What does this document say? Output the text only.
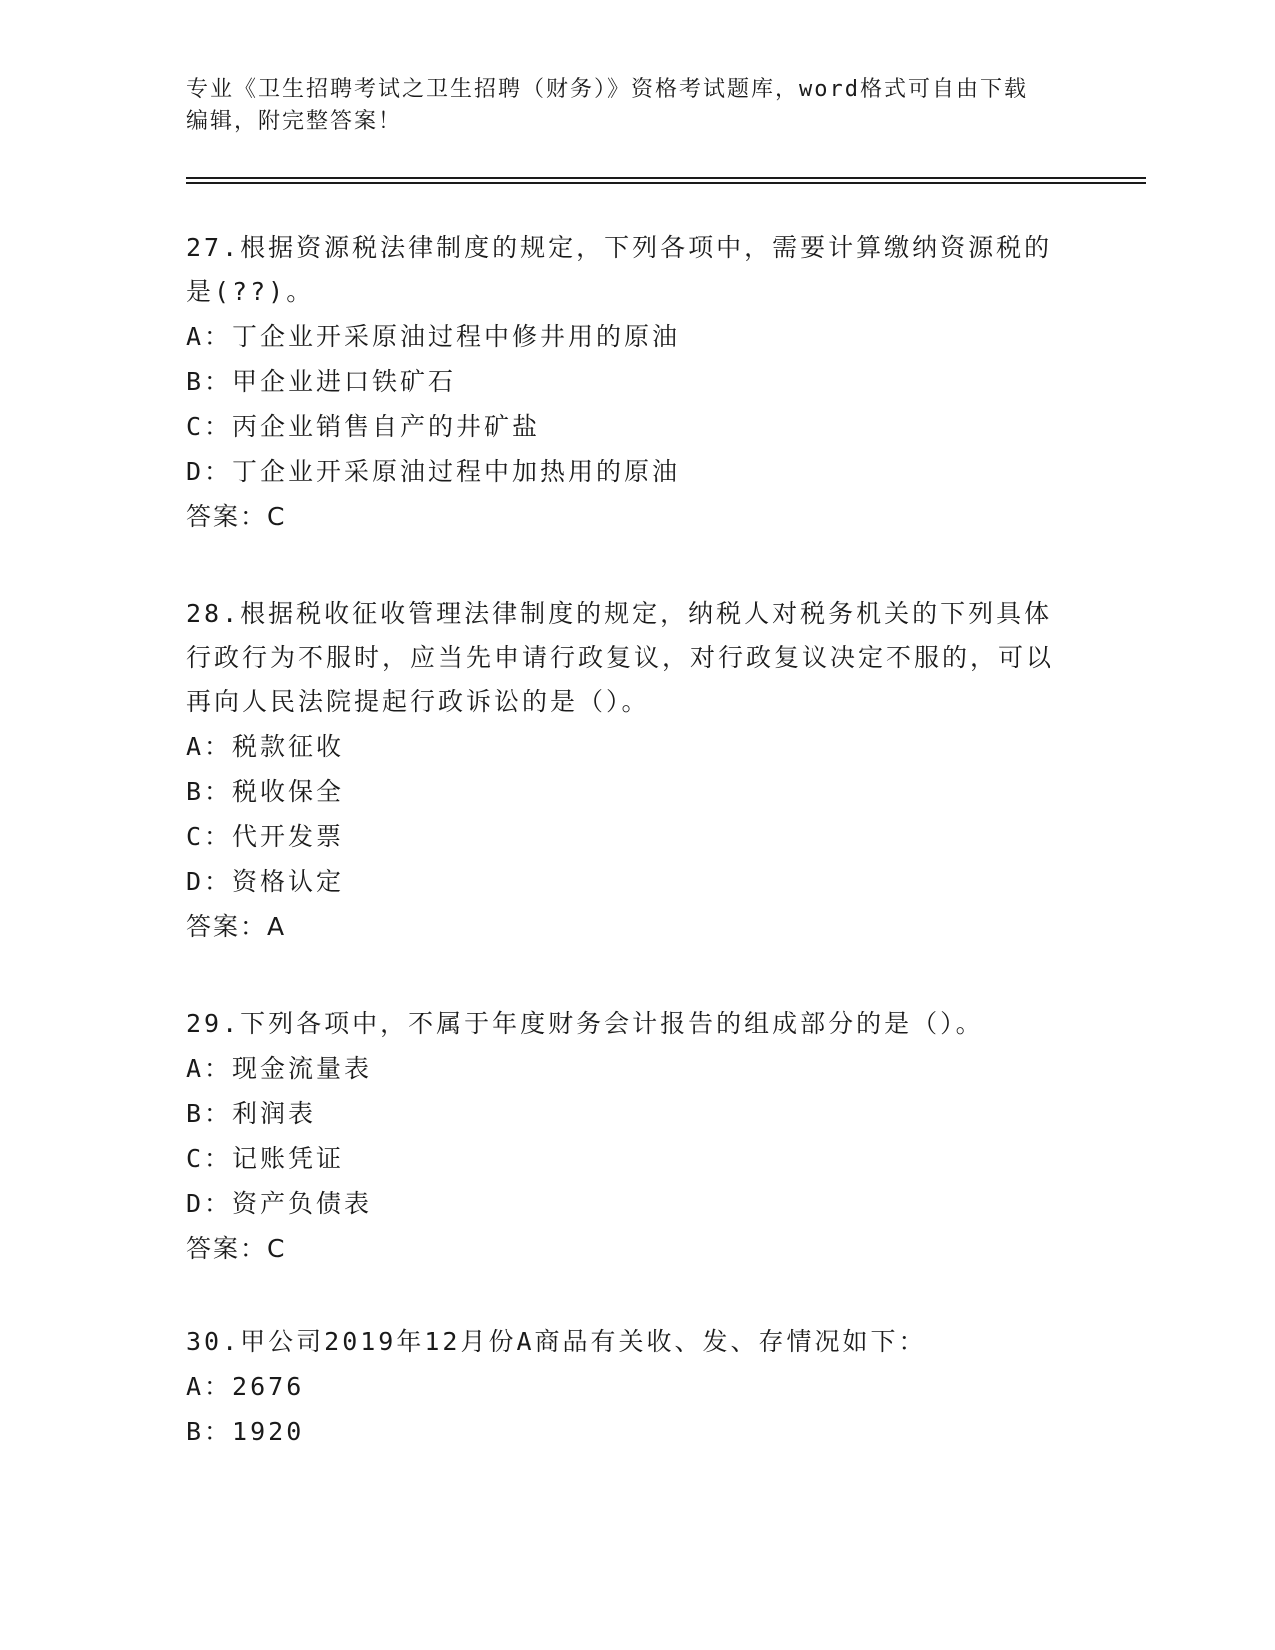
专业《卫生招聘考试之卫生招聘（财务）》资格考试题库，word格式可自由下载
编辑，附完整答案！
27.根据资源税法律制度的规定，下列各项中，需要计算缴纳资源税的是(??)。
A：丁企业开采原油过程中修井用的原油
B：甲企业进口铁矿石
C：丙企业销售自产的井矿盐
D：丁企业开采原油过程中加热用的原油
答案：C
28.根据税收征收管理法律制度的规定，纳税人对税务机关的下列具体行政行为不服时，应当先申请行政复议，对行政复议决定不服的，可以再向人民法院提起行政诉讼的是（）。
A：税款征收
B：税收保全
C：代开发票
D：资格认定
答案：A
29.下列各项中，不属于年度财务会计报告的组成部分的是（）。
A：现金流量表
B：利润表
C：记账凭证
D：资产负债表
答案：C
30.甲公司2019年12月份A商品有关收、发、存情况如下：
A：2676
B：1920
